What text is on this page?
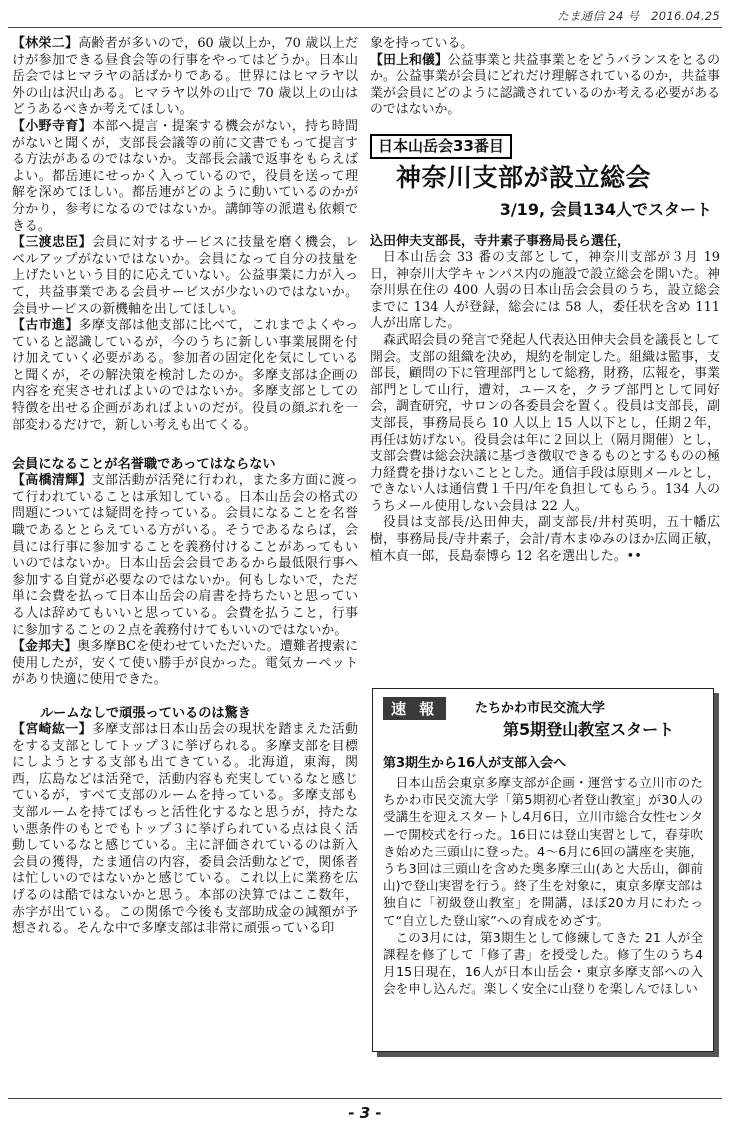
たま通信 24 号　2016.04.25

【林栄二】高齢者が多いので，60 歳以上か，70 歳以上だけが参加できる昼食会等の行事をやってはどうか。日本山岳会ではヒマラヤの話ばかりである。世界にはヒマラヤ以外の山は沢山ある。ヒマラヤ以外の山で 70 歳以上の山はどうあるべきか考えてほしい。

【小野寺育】本部へ提言・提案する機会がない，持ち時間がないと聞くが，支部長会議等の前に文書でもって提言する方法があるのではないか。支部長会議で返事をもらえばよい。都岳連にせっかく入っているので，役員を送って理解を深めてほしい。都岳連がどのように動いているのかが分かり，参考になるのではないか。講師等の派遣も依頼できる。

【三渡忠臣】会員に対するサービスに技量を磨く機会，レベルアップがないではないか。会員になって自分の技量を上げたいという目的に応えていない。公益事業に力が入って，共益事業である会員サービスが少ないのではないか。会員サービスの新機軸を出してほしい。

【古市進】多摩支部は他支部に比べて，これまでよくやっていると認識しているが，今のうちに新しい事業展開を付け加えていく必要がある。参加者の固定化を気にしていると聞くが，その解決策を検討したのか。多摩支部は企画の内容を充実させればよいのではないか。多摩支部としての特徴を出せる企画があればよいのだが。役員の顔ぶれを一部変わるだけで，新しい考えも出てくる。

会員になることが名誉職であってはならない

【高橋清輝】支部活動が活発に行われ，また多方面に渡って行われていることは承知している。日本山岳会の格式の問題については疑問を持っている。会員になることを名誉職であるととらえている方がいる。そうであるならば，会員には行事に参加することを義務付けることがあってもいいのではないか。日本山岳会会員であるから最低限行事へ参加する自覚が必要なのではないか。何もしないで，ただ単に会費を払って日本山岳会の肩書を持ちたいと思っている人は辞めてもいいと思っている。会費を払うこと，行事に参加することの２点を義務付けてもいいのではないか。

【金邦夫】奥多摩BCを使わせていただいた。遭難者捜索に使用したが，安くて使い勝手が良かった。電気カーペットがあり快適に使用できた。

ルームなしで頑張っているのは驚き

【宮崎紘一】多摩支部は日本山岳会の現状を踏まえた活動をする支部としてトップ３に挙げられる。多摩支部を目標にしようとする支部も出てきている。北海道，東海，関西，広島などは活発で，活動内容も充実しているなと感じているが，すべて支部のルームを持っている。多摩支部も支部ルームを持てばもっと活性化するなと思うが，持たない悪条件のもとでもトップ３に挙げられている点は良く活動しているなと感じている。主に評価されているのは新入会員の獲得，たま通信の内容，委員会活動などで，関係者は忙しいのではないかと感じている。これ以上に業務を広げるのは酷ではないかと思う。本部の決算ではここ数年，赤字が出ている。この関係で今後も支部助成金の減額が予想される。そんな中で多摩支部は非常に頑張っている印

象を持っている。

【田上和儀】公益事業と共益事業とをどうバランスをとるのか。公益事業が会員にどれだけ理解されているのか，共益事業が会員にどのように認識されているのか考える必要があるのではないか。

日本山岳会33番目
神奈川支部が設立総会
3/19, 会員134人でスタート
込田伸夫支部長，寺井素子事務局長ら選任，

日本山岳会 33 番の支部として，神奈川支部が３月 19 日，神奈川大学キャンパス内の施設で設立総会を開いた。神奈川県在住の 400 人弱の日本山岳会会員のうち，設立総会までに 134 人が登録，総会には 58 人，委任状を含め 111 人が出席した。

森武昭会員の発言で発起人代表込田伸夫会員を議長として開会。支部の組織を決め，規約を制定した。組織は監事，支部長，顧問の下に管理部門として総務，財務，広報を，事業部門として山行，遭対，ユースを，クラブ部門として同好会，調査研究，サロンの各委員会を置く。役員は支部長，副支部長，事務局長ら 10 人以上 15 人以下とし，任期２年，再任は妨げない。役員会は年に２回以上（隔月開催）とし，支部会費は総会決議に基づき徴収できるものとするものの極力経費を掛けないこととした。通信手段は原則メールとし，できない人は通信費１千円/年を負担してもらう。134 人のうちメール使用しない会員は 22 人。

役員は支部長/込田伸夫，副支部長/井村英明，五十幡広樹，事務局長/寺井素子，会計/青木まゆみのほか広岡正敏，植木貞一郎，長島泰博ら 12 名を選出した。••

速 報	たちかわ市民交流大学
第5期登山教室スタート
第3期生から16人が支部入会へ

日本山岳会東京多摩支部が企画・運営する立川市のたちかわ市民交流大学「第5期初心者登山教室」が30人の受講生を迎えスタートし4月6日，立川市総合女性センターで開校式を行った。16日には登山実習として，春芽吹き始めた三頭山に登った。4〜6月に6回の講座を実施，うち3回は三頭山を含めた奥多摩三山(あと大岳山，御前山)で登山実習を行う。終了生を対象に，東京多摩支部は独自に「初級登山教室」を開講，ほぼ20カ月にわたって“自立した登山家”への育成をめざす。

この3月には，第3期生として修練してきた 21 人が全課程を修了して「修了書」を授受した。修了生のうち4月15日現在，16人が日本山岳会・東京多摩支部への入会を申し込んだ。楽しく安全に山登りを楽しんでほしい

- 3 -
